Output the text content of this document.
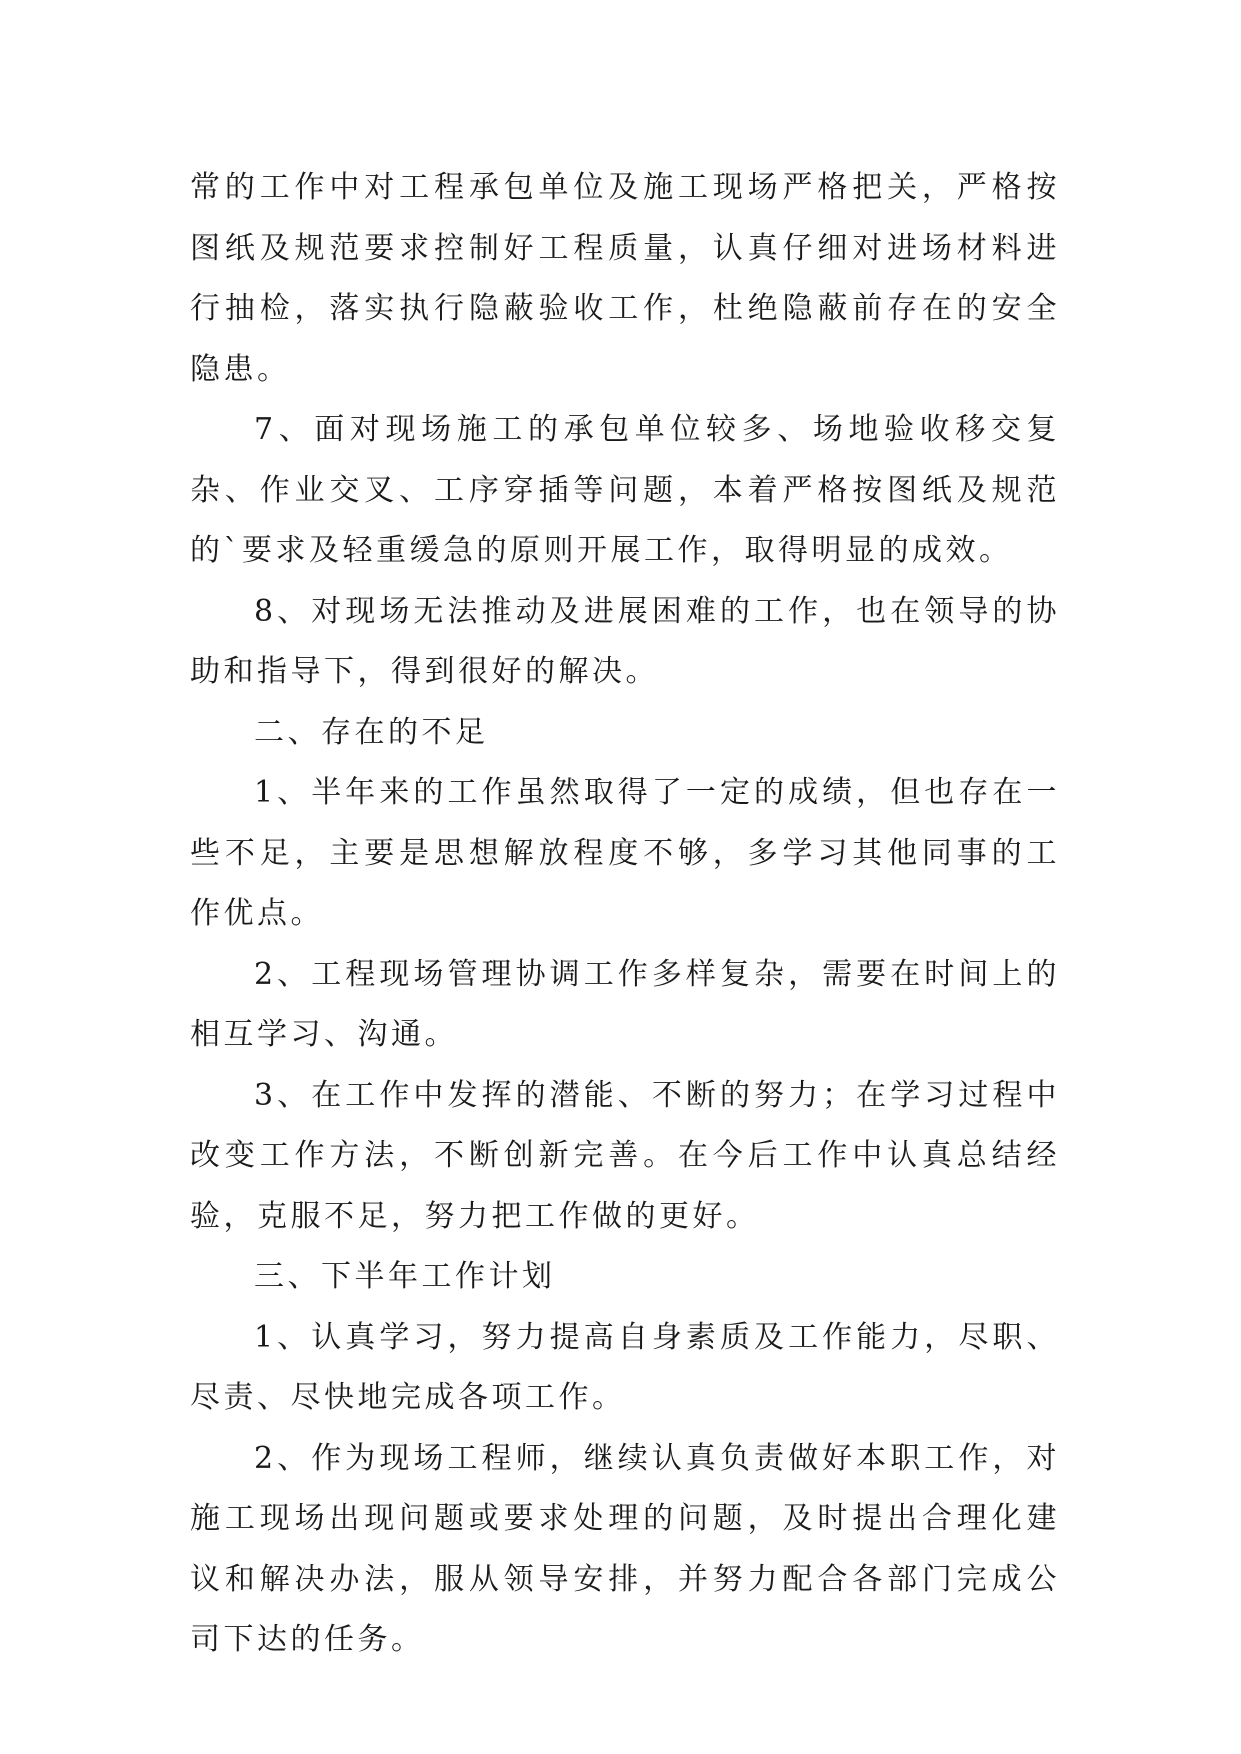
常的工作中对工程承包单位及施工现场严格把关，严格按图纸及规范要求控制好工程质量，认真仔细对进场材料进行抽检，落实执行隐蔽验收工作，杜绝隐蔽前存在的安全隐患。

7、面对现场施工的承包单位较多、场地验收移交复杂、作业交叉、工序穿插等问题，本着严格按图纸及规范的`要求及轻重缓急的原则开展工作，取得明显的成效。

8、对现场无法推动及进展困难的工作，也在领导的协助和指导下，得到很好的解决。

二、存在的不足

1、半年来的工作虽然取得了一定的成绩，但也存在一些不足，主要是思想解放程度不够，多学习其他同事的工作优点。

2、工程现场管理协调工作多样复杂，需要在时间上的相互学习、沟通。

3、在工作中发挥的潜能、不断的努力；在学习过程中改变工作方法，不断创新完善。在今后工作中认真总结经验，克服不足，努力把工作做的更好。

三、下半年工作计划

1、认真学习，努力提高自身素质及工作能力，尽职、尽责、尽快地完成各项工作。

2、作为现场工程师，继续认真负责做好本职工作，对施工现场出现问题或要求处理的问题，及时提出合理化建议和解决办法，服从领导安排，并努力配合各部门完成公司下达的任务。
